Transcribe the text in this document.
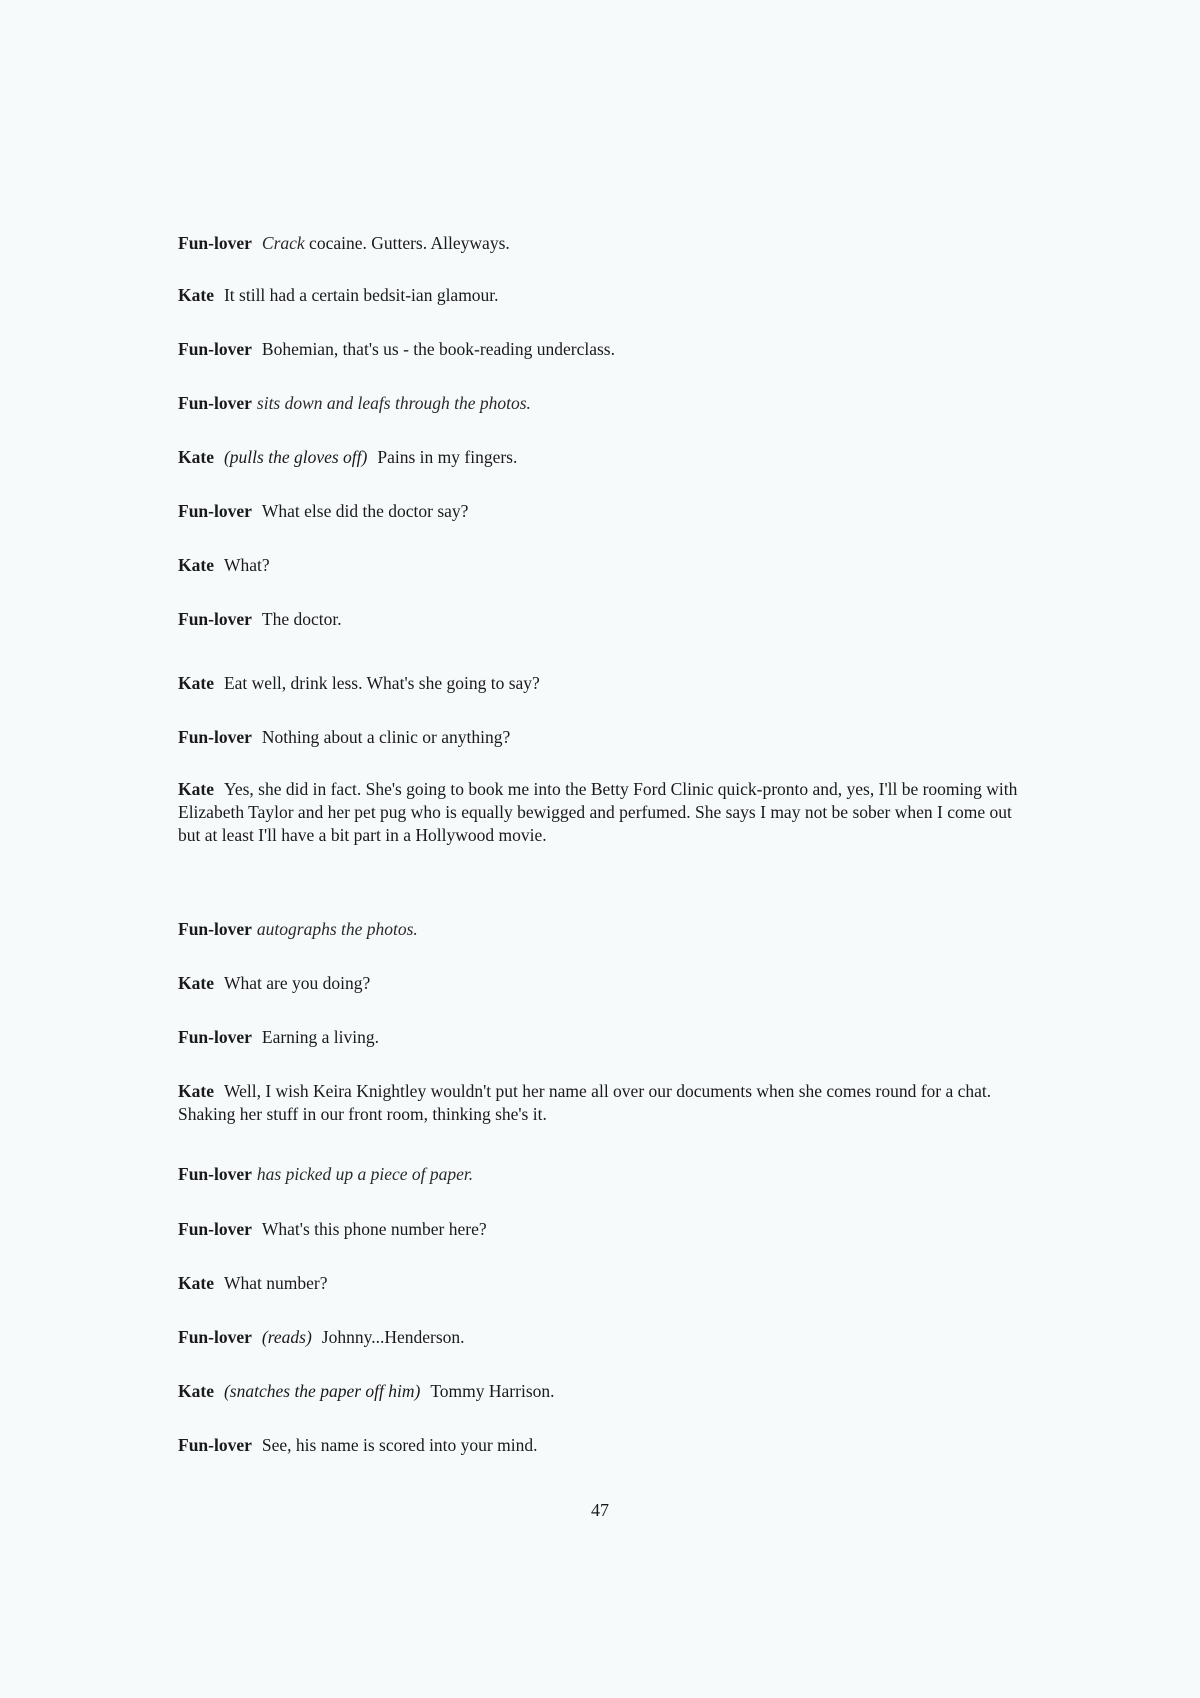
Fun-lover Crack cocaine. Gutters. Alleyways.
Kate It still had a certain bedsit-ian glamour.
Fun-lover Bohemian, that's us - the book-reading underclass.
Fun-lover sits down and leafs through the photos.
Kate (pulls the gloves off) Pains in my fingers.
Fun-lover What else did the doctor say?
Kate What?
Fun-lover The doctor.
Kate Eat well, drink less. What's she going to say?
Fun-lover Nothing about a clinic or anything?
Kate Yes, she did in fact. She's going to book me into the Betty Ford Clinic quick-pronto and, yes, I'll be rooming with Elizabeth Taylor and her pet pug who is equally bewigged and perfumed. She says I may not be sober when I come out but at least I'll have a bit part in a Hollywood movie.
Fun-lover autographs the photos.
Kate What are you doing?
Fun-lover Earning a living.
Kate Well, I wish Keira Knightley wouldn't put her name all over our documents when she comes round for a chat. Shaking her stuff in our front room, thinking she's it.
Fun-lover has picked up a piece of paper.
Fun-lover What's this phone number here?
Kate What number?
Fun-lover (reads) Johnny...Henderson.
Kate (snatches the paper off him) Tommy Harrison.
Fun-lover See, his name is scored into your mind.
47
